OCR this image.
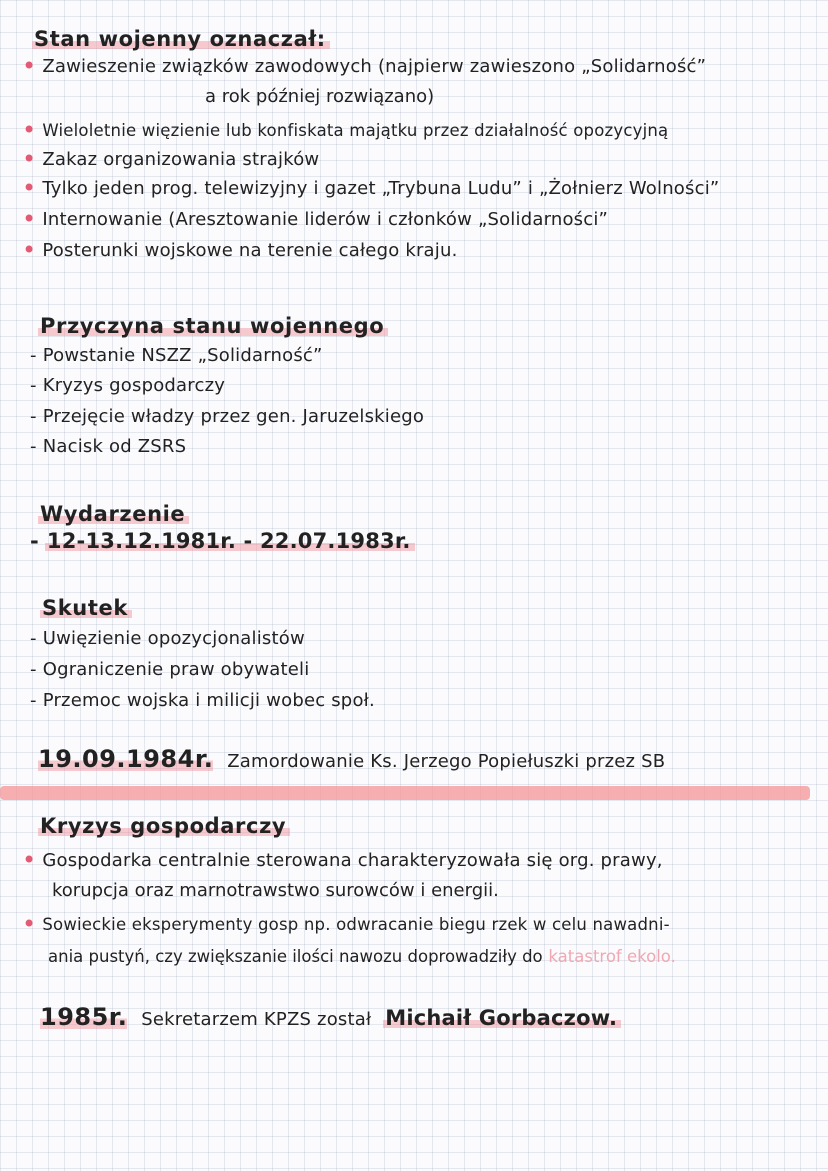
Stan wojenny oznaczał:
• Zawieszenie związków zawodowych (najpierw zawieszono „Solidarność”
a rok później rozwiązano)
• Wieloletnie więzienie lub konfiskata majątku przez działalność opozycyjną
• Zakaz organizowania strajków
• Tylko jeden prog. telewizyjny i gazet „Trybuna Ludu” i „Żołnierz Wolności”
• Internowanie (Aresztowanie liderów i członków „Solidarności”
• Posterunki wojskowe na terenie całego kraju.
Przyczyna stanu wojennego
- Powstanie NSZZ „Solidarność”
- Kryzys gospodarczy
- Przejęcie władzy przez gen. Jaruzelskiego
- Nacisk od ZSRS
Wydarzenie
- 12-13.12.1981r. - 22.07.1983r.
Skutek
- Uwięzienie opozycjonalistów
- Ograniczenie praw obywateli
- Przemoc wojska i milicji wobec społ.
19.09.1984r. Zamordowanie Ks. Jerzego Popiełuszki przez SB
Kryzys gospodarczy
• Gospodarka centralnie sterowana charakteryzowała się org. prawy,
korupcja oraz marnotrawstwo surowców i energii.
• Sowieckie eksperymenty gosp np. odwracanie biegu rzek w celu nawadni-
ania pustyń, czy zwiększanie ilości nawozu doprowadziły do katastrof ekolo.
1985r. Sekretarzem KPZS został Michaił Gorbaczow.
